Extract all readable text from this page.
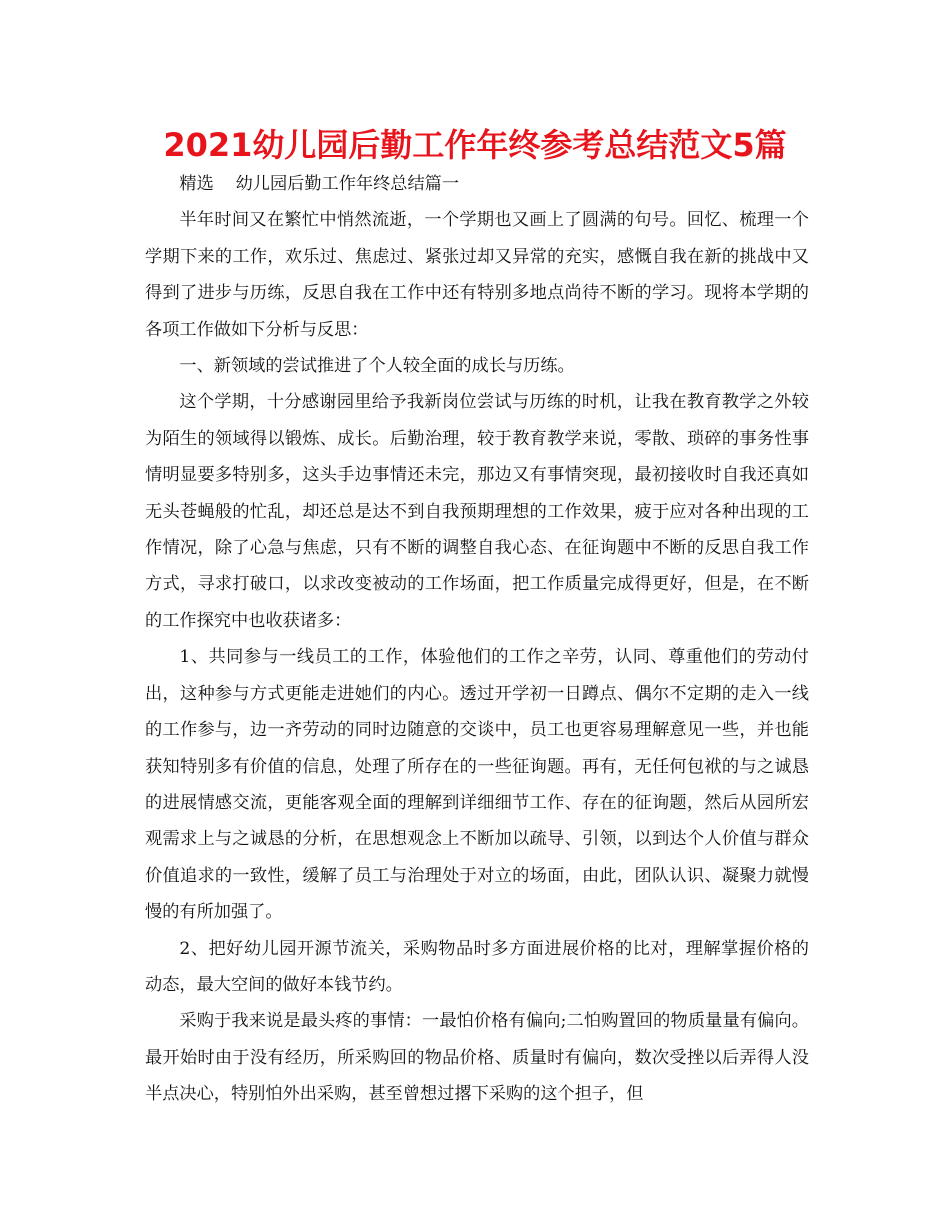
2021幼儿园后勤工作年终参考总结范文5篇

精选    幼儿园后勤工作年终总结篇一

半年时间又在繁忙中悄然流逝，一个学期也又画上了圆满的句号。回忆、梳理一个学期下来的工作，欢乐过、焦虑过、紧张过却又异常的充实，感慨自我在新的挑战中又得到了进步与历练，反思自我在工作中还有特别多地点尚待不断的学习。现将本学期的各项工作做如下分析与反思：

一、新领域的尝试推进了个人较全面的成长与历练。

这个学期，十分感谢园里给予我新岗位尝试与历练的时机，让我在教育教学之外较为陌生的领域得以锻炼、成长。后勤治理，较于教育教学来说，零散、琐碎的事务性事情明显要多特别多，这头手边事情还未完，那边又有事情突现，最初接收时自我还真如无头苍蝇般的忙乱，却还总是达不到自我预期理想的工作效果，疲于应对各种出现的工作情况，除了心急与焦虑，只有不断的调整自我心态、在征询题中不断的反思自我工作方式，寻求打破口，以求改变被动的工作场面，把工作质量完成得更好，但是，在不断的工作探究中也收获诸多：

1、共同参与一线员工的工作，体验他们的工作之辛劳，认同、尊重他们的劳动付出，这种参与方式更能走进她们的内心。透过开学初一日蹲点、偶尔不定期的走入一线的工作参与，边一齐劳动的同时边随意的交谈中，员工也更容易理解意见一些，并也能获知特别多有价值的信息，处理了所存在的一些征询题。再有，无任何包袱的与之诚恳的进展情感交流，更能客观全面的理解到详细细节工作、存在的征询题，然后从园所宏观需求上与之诚恳的分析，在思想观念上不断加以疏导、引领，以到达个人价值与群众价值追求的一致性，缓解了员工与治理处于对立的场面，由此，团队认识、凝聚力就慢慢的有所加强了。

2、把好幼儿园开源节流关，采购物品时多方面进展价格的比对，理解掌握价格的动态，最大空间的做好本钱节约。

采购于我来说是最头疼的事情：一最怕价格有偏向;二怕购置回的物质量量有偏向。最开始时由于没有经历，所采购回的物品价格、质量时有偏向，数次受挫以后弄得人没半点决心，特别怕外出采购，甚至曾想过撂下采购的这个担子，但
